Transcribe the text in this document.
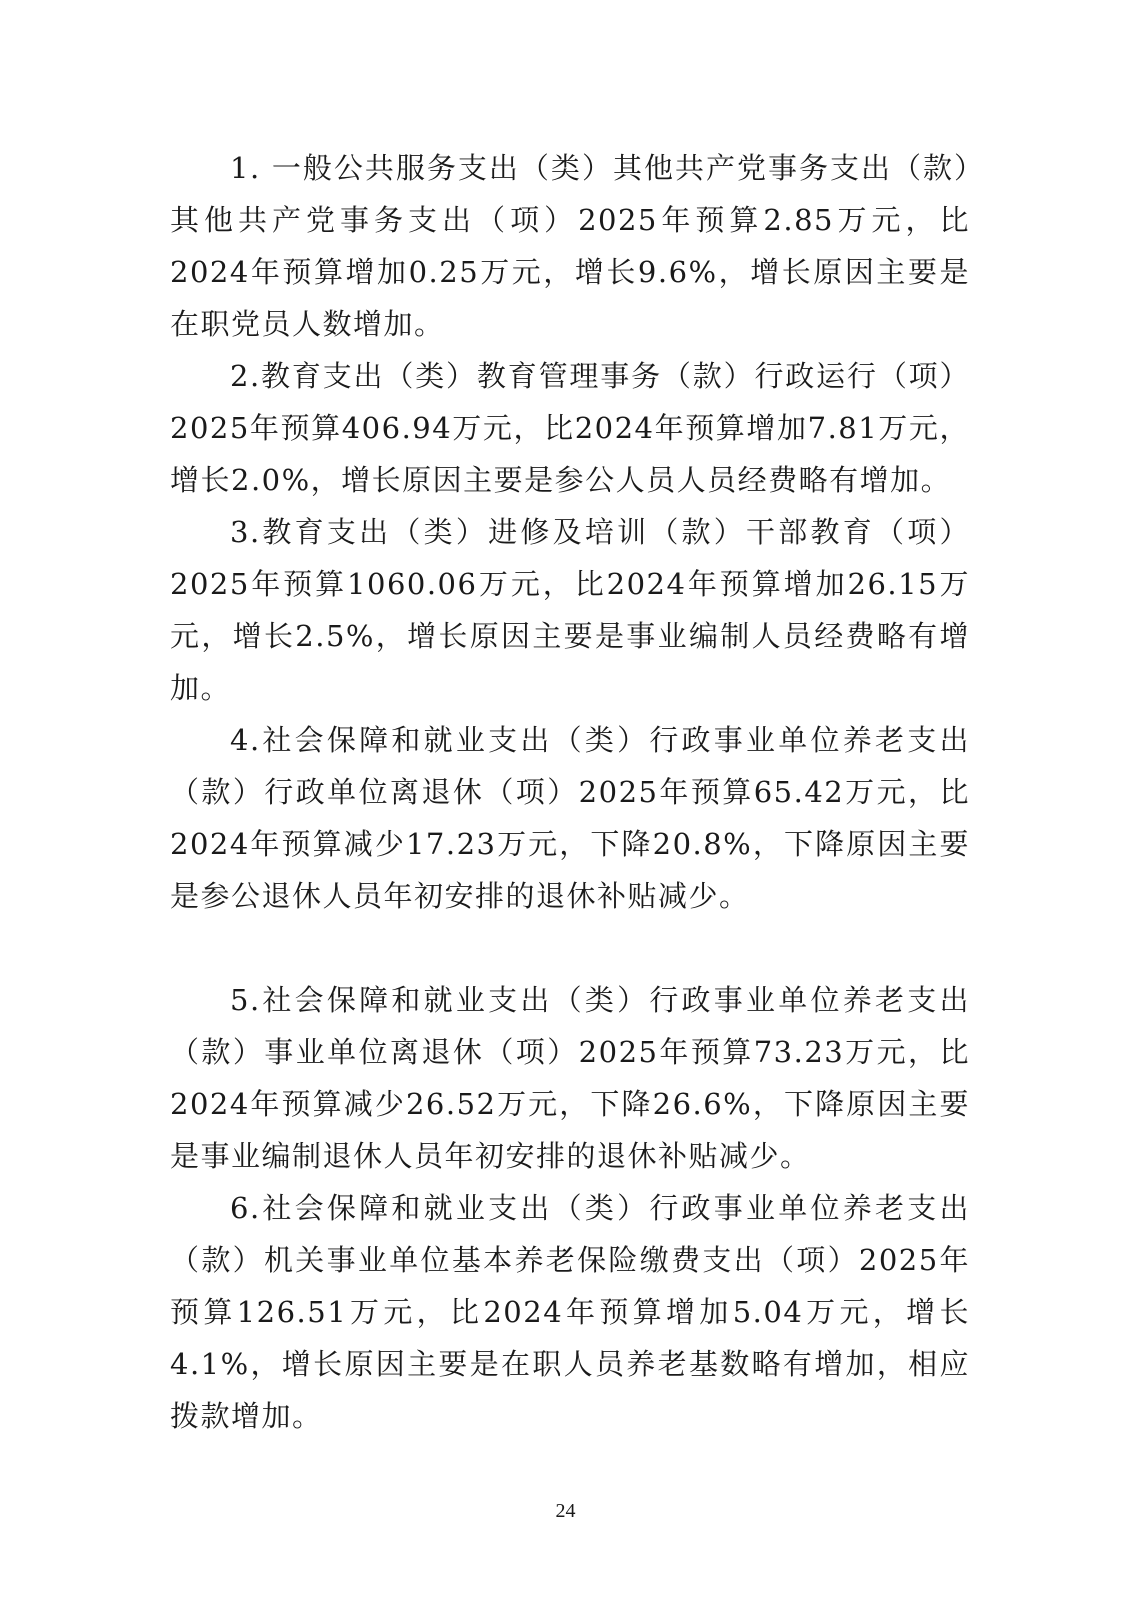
1. 一般公共服务支出（类）其他共产党事务支出（款）其他共产党事务支出（项）2025年预算2.85万元，比2024年预算增加0.25万元，增长9.6%，增长原因主要是在职党员人数增加。

2.教育支出（类）教育管理事务（款）行政运行（项）2025年预算406.94万元，比2024年预算增加7.81万元，增长2.0%，增长原因主要是参公人员人员经费略有增加。

3.教育支出（类）进修及培训（款）干部教育（项）2025年预算1060.06万元，比2024年预算增加26.15万元，增长2.5%，增长原因主要是事业编制人员经费略有增加。

4.社会保障和就业支出（类）行政事业单位养老支出（款）行政单位离退休（项）2025年预算65.42万元，比2024年预算减少17.23万元，下降20.8%，下降原因主要是参公退休人员年初安排的退休补贴减少。

5.社会保障和就业支出（类）行政事业单位养老支出（款）事业单位离退休（项）2025年预算73.23万元，比2024年预算减少26.52万元，下降26.6%，下降原因主要是事业编制退休人员年初安排的退休补贴减少。

6.社会保障和就业支出（类）行政事业单位养老支出（款）机关事业单位基本养老保险缴费支出（项）2025年预算126.51万元，比2024年预算增加5.04万元，增长4.1%，增长原因主要是在职人员养老基数略有增加，相应拨款增加。

24
